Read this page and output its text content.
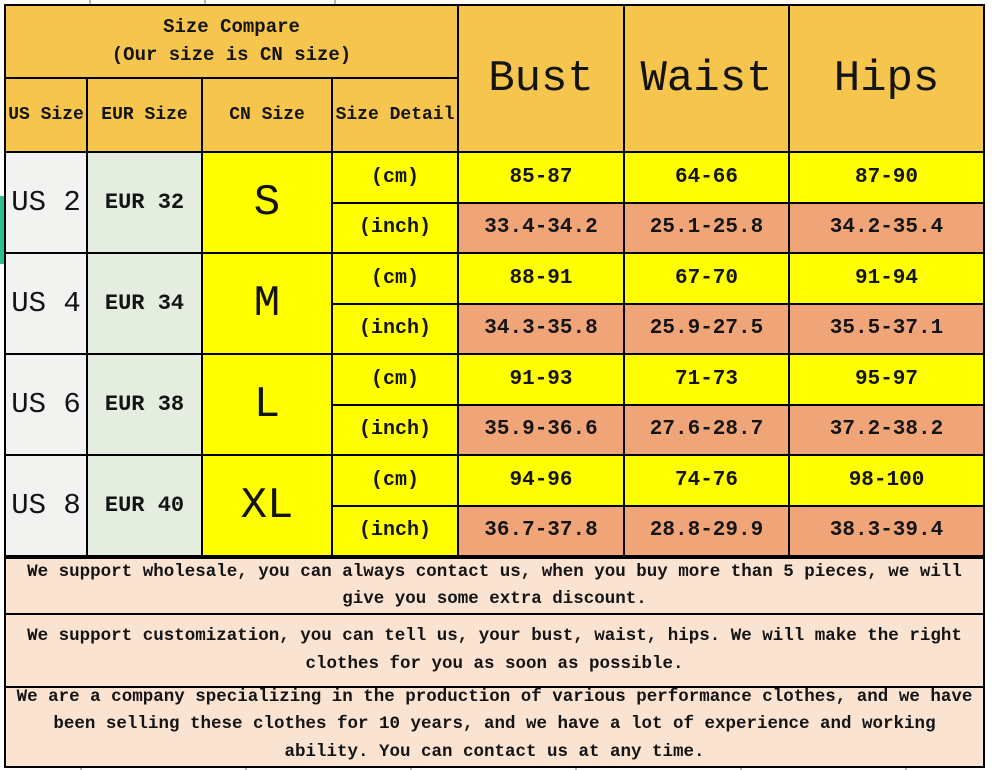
Size Compare
(Our size is CN size)	Bust	Waist	Hips
US Size EUR Size	CN Size	Size Detail
US 2	EUR 32	S
(cm)	85-87	64-66	87-90
(inch)	33.4-34.2	25.1-25.8	34.2-35.4
US 4	EUR 34	M
(cm)	88-91	67-70	91-94
(inch)	34.3-35.8	25.9-27.5	35.5-37.1
US 6	EUR 38	L
(cm)	91-93	71-73	95-97
(inch)	35.9-36.6	27.6-28.7	37.2-38.2
US 8	EUR 40	XL
(cm)	94-96	74-76	98-100
(inch)	36.7-37.8	28.8-29.9	38.3-39.4
We support wholesale, you can always contact us, when you buy more than 5 pieces, we will give you some extra discount.
We support customization, you can tell us, your bust, waist, hips. We will make the right clothes for you as soon as possible.
We are a company specializing in the production of various performance clothes, and we have been selling these clothes for 10 years, and we have a lot of experience and working ability. You can contact us at any time.
